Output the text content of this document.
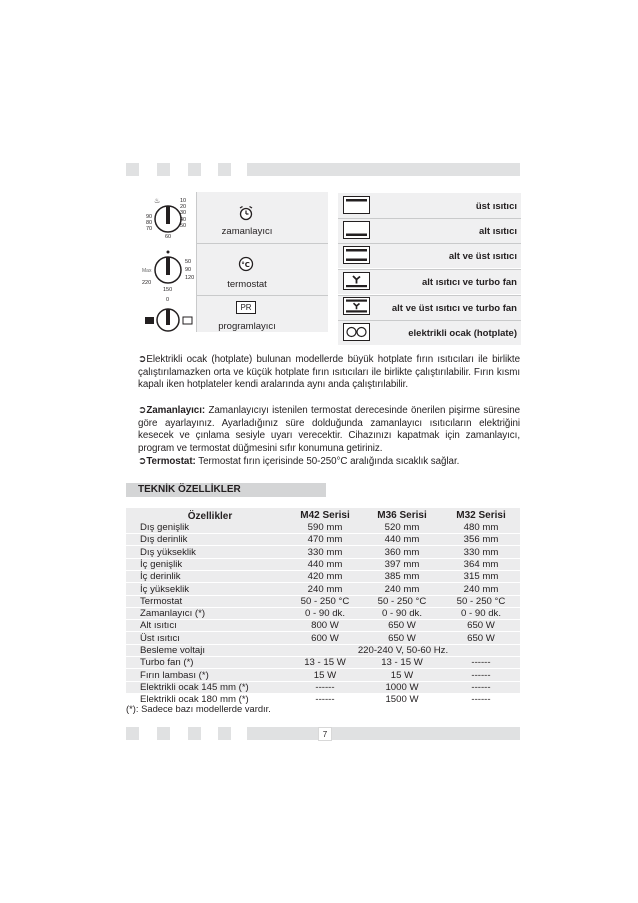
♨	10
20
30
40
50
90
80
70
60
50
90
120
150
220
Max
0
zamanlayıcı
°C
termostat
PR
programlayıcı
üst ısıtıcı
alt ısıtıcı
alt ve üst ısıtıcı
alt ısıtıcı ve turbo fan
alt ve üst ısıtıcı ve turbo fan
elektrikli ocak (hotplate)
➲Elektrikli ocak (hotplate) bulunan modellerde büyük hotplate fırın ısıtıcıları ile birlikte çalıştırılamazken orta ve küçük hotplate fırın ısıtıcıları ile birlikte çalıştırılabilir. Fırın kısmı kapalı iken hotplateler kendi aralarında aynı anda çalıştırılabilir.
➲Zamanlayıcı: Zamanlayıcıyı istenilen termostat derecesinde önerilen pişirme süresine göre ayarlayınız. Ayarladığınız süre dolduğunda zamanlayıcı ısıtıcıların elektriğini kesecek ve çınlama sesiyle uyarı verecektir. Cihazınızı kapatmak için zamanlayıcı, program ve termostat düğmesini sıfır konumuna getiriniz.
➲Termostat: Termostat fırın içerisinde 50-250°C aralığında sıcaklık sağlar.
TEKNİK ÖZELLİKLER
Özellikler	M42 Serisi	M36 Serisi	M32 Serisi
Dış genişlik	590 mm	520 mm	480 mm
Dış derinlik	470 mm	440 mm	356 mm
Dış yükseklik	330 mm	360 mm	330 mm
İç genişlik	440 mm	397 mm	364 mm
İç derinlik	420 mm	385 mm	315 mm
İç yükseklik	240 mm	240 mm	240 mm
Termostat	50 - 250 °C	50 - 250 °C	50 - 250 °C
Zamanlayıcı (*)	0 - 90 dk.	0 - 90 dk.	0 - 90 dk.
Alt ısıtıcı	800 W	650 W	650 W
Üst ısıtıcı	600 W	650 W	650 W
Besleme voltajı	220-240 V, 50-60 Hz.
Turbo fan (*)	13 - 15 W	13 - 15 W	------
Fırın lambası (*)	15 W	15 W	------
Elektrikli ocak 145 mm (*)	------	1000 W	------
Elektrikli ocak 180 mm (*)	------	1500 W	------
(*): Sadece bazı modellerde vardır.
7
